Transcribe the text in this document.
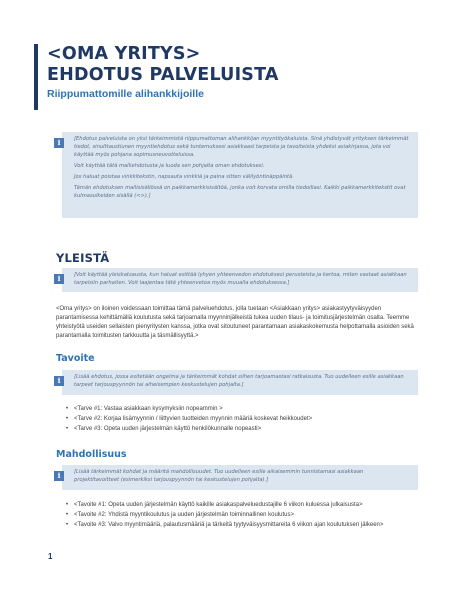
<OMA YRITYS>
EHDOTUS PALVELUISTA
Riippumattomille alihankkijoille
i	[Ehdotus palveluista on yksi tärkeimmistä riippumattoman alihankkijan myyntityökaluista. Sinä yhdistyvät yrityksen tärkeimmät tiedot, sinulttaustiunen myyntiehdotus sekä tuntemuksesi asiakkaasi tarpeista ja tavoiteista yhdeksi asiakirjassa, jota voi käyttää myös pohjana sopimusneuvotteluissa.

Voit käyttää tätä malliehdotusta ja luoda sen pohjalta oman ehdotuksesi.

Jos haluat poistaa vinkkitekstin, napsauta vinkkiä ja paina sitten välilyöntinäppäintä.

Tämän ehdotuksen mallisisällössä on paikkamerkkisisältöä, jonka voit korvata omilla tiedoillasi. Kaikki paikkamerkkitekstit ovat kulmasulkeiden sisällä (<>).]

YLEISTÄ
i	[Voit käyttää yleiskatsausta, kun haluat esittää lyhyen yhteenvedon ehdotuksesi perusteista ja kertoa, miten vastaat asiakkaan tarpeisiin parhaiten. Voit laajentaa tätä yhteenvetoa myös muualla ehdotuksessa.]

<Oma yritys> on iloinen voidessaan toimittaa tämä palveluehdotus, jolla tuetaan <Asiakkaan yritys> asiakastyytyväisyyden parantamisessa kehittämällä koulutusta sekä tarjoamalla myynninjälkeistä tukea uuden tilaus- ja toimitusjärjestelmän osalta. Teemme yhteistyötä useiden sellaisten pienyritysten kanssa, jotka ovat sitoutuneet parantamaan asiakaskokemusta helpottamalla asioiden sekä parantamalla toimitusten tarkkuutta ja täsmällisyyttä.>
Tavoite
i	[Lisää ehdotus, jossa esitetään ongelma ja tärkeimmät kohdat siihen tarjoamastasi ratkaisusta. Tuo uudelleen esille asiakkaan tarpeet tarjouspyynnön tai aiheisempien keskustelujen pohjalta.]

• <Tarve #1: Vastaa asiakkaan kysymyksiin nopeammin >
• <Tarve #2: Korjaa lisämyynnin / liittyvien tuotteiden myynnin määriä koskevat heikkoudet>
• <Tarve #3: Opeta uuden järjestelmän käyttö henkilökunnalle nopeasti>
Mahdollisuus
i	[Lisää tärkeimmät kohdat ja määritä mahdollisuudet. Tuo uudelleen esille aikaisemmin tunnistamasi asiakkaan projektitavoitteet (esimerkiksi tarjouspyynnön tai keskustelujen pohjalta).]

• <Tavoite #1: Opeta uuden järjestelmän käyttö kaikille asiakaspalveluedustajille 6 viikon kuluessa julkaisusta>
• <Tavoite #2: Yhdistä myyntikoulutus ja uuden järjestelmän toiminnallinen koulutus>
• <Tavoite #3: Valvo myyntimääriä, palautusmääriä ja tärkeitä tyytyväisyysmittareita 6 viikon ajan koulutuksen jälkeen>
1
